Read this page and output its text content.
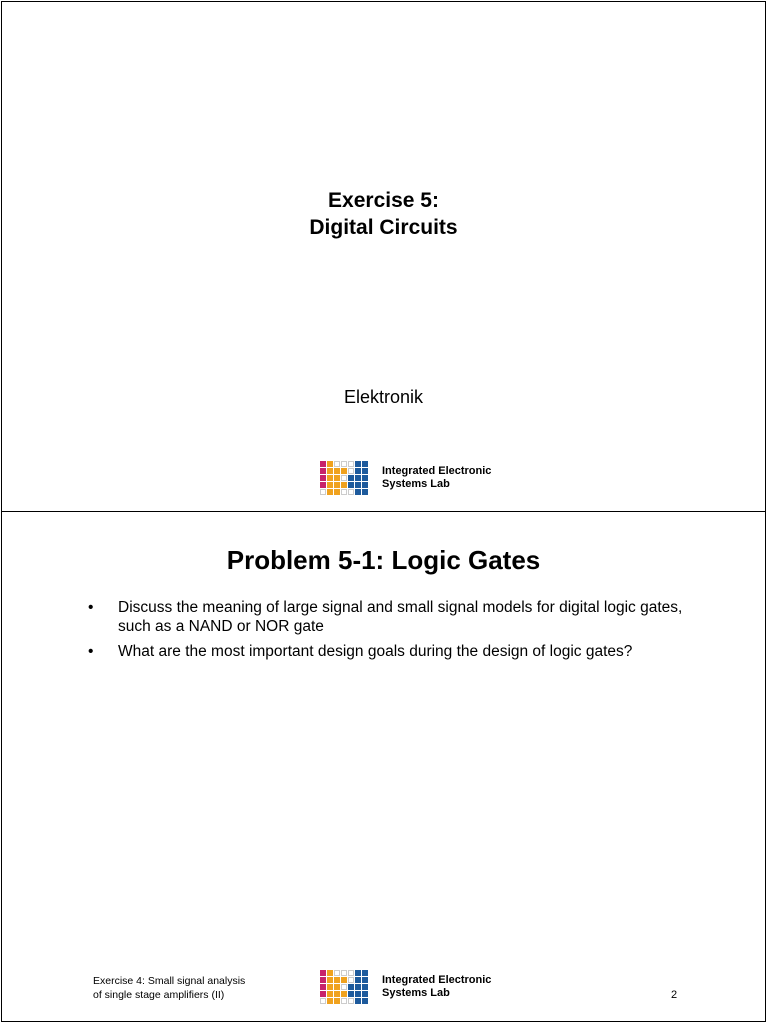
Exercise 5:
Digital Circuits
Elektronik
Integrated Electronic
Systems Lab
Problem 5-1: Logic Gates
• Discuss the meaning of large signal and small signal models for digital logic gates, such as a NAND or NOR gate
• What are the most important design goals during the design of logic gates?
Exercise 4: Small signal analysis of single stage amplifiers (II)
Integrated Electronic
Systems Lab	2
